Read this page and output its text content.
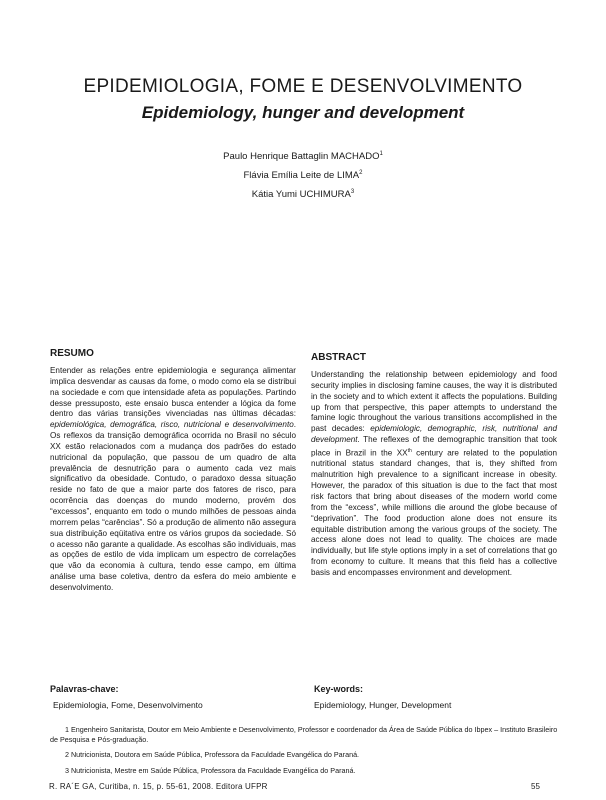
EPIDEMIOLOGIA, FOME E DESENVOLVIMENTO
Epidemiology, hunger and development
Paulo Henrique Battaglin MACHADO$^1$
Flávia Emília Leite de LIMA$^2$
Kátia Yumi UCHIMURA$^3$
RESUMO

Entender as relações entre epidemiologia e segurança alimentar implica desvendar as causas da fome, o modo como ela se distribui na sociedade e com que intensidade afeta as populações. Partindo desse pressuposto, este ensaio busca entender a lógica da fome dentro das várias transições vivenciadas nas últimas décadas: epidemiológica, demográfica, risco, nutricional e desenvolvimento. Os reflexos da transição demográfica ocorrida no Brasil no século XX estão relacionados com a mudança dos padrões do estado nutricional da população, que passou de um quadro de alta prevalência de desnutrição para o aumento cada vez mais significativo da obesidade. Contudo, o paradoxo dessa situação reside no fato de que a maior parte dos fatores de risco, para ocorrência das doenças do mundo moderno, provém dos “excessos”, enquanto em todo o mundo milhões de pessoas ainda morrem pelas “carências”. Só a produção de alimento não assegura sua distribuição eqüitativa entre os vários grupos da sociedade. Só o acesso não garante a qualidade. As escolhas são individuais, mas as opções de estilo de vida implicam um espectro de correlações que vão da economia à cultura, tendo esse campo, em última análise uma base coletiva, dentro da esfera do meio ambiente e desenvolvimento.

ABSTRACT

Understanding the relationship between epidemiology and food security implies in disclosing famine causes, the way it is distributed in the society and to which extent it affects the populations. Building up from that perspective, this paper attempts to understand the famine logic throughout the various transitions accomplished in the past decades: epidemiologic, demographic, risk, nutritional and development. The reflexes of the demographic transition that took place in Brazil in the XXth century are related to the population nutritional status standard changes, that is, they shifted from malnutrition high prevalence to a significant increase in obesity. However, the paradox of this situation is due to the fact that most risk factors that bring about diseases of the modern world come from the “excess”, while millions die around the globe because of “deprivation”. The food production alone does not ensure its equitable distribution among the various groups of the society. The access alone does not lead to quality. The choices are made individually, but life style options imply in a set of correlations that go from economy to culture. It means that this field has a collective basis and encompasses environment and development.

Palavras-chave:
Epidemiologia, Fome, Desenvolvimento
Key-words:
Epidemiology, Hunger, Development
1 Engenheiro Sanitarista, Doutor em Meio Ambiente e Desenvolvimento, Professor e coordenador da Área de Saúde Pública do Ibpex – Instituto Brasileiro de Pesquisa e Pós-graduação.
2 Nutricionista, Doutora em Saúde Pública, Professora da Faculdade Evangélica do Paraná.
3 Nutricionista, Mestre em Saúde Pública, Professora da Faculdade Evangélica do Paraná.
R. RA´E GA, Curitiba, n. 15, p. 55-61, 2008. Editora UFPR	55
